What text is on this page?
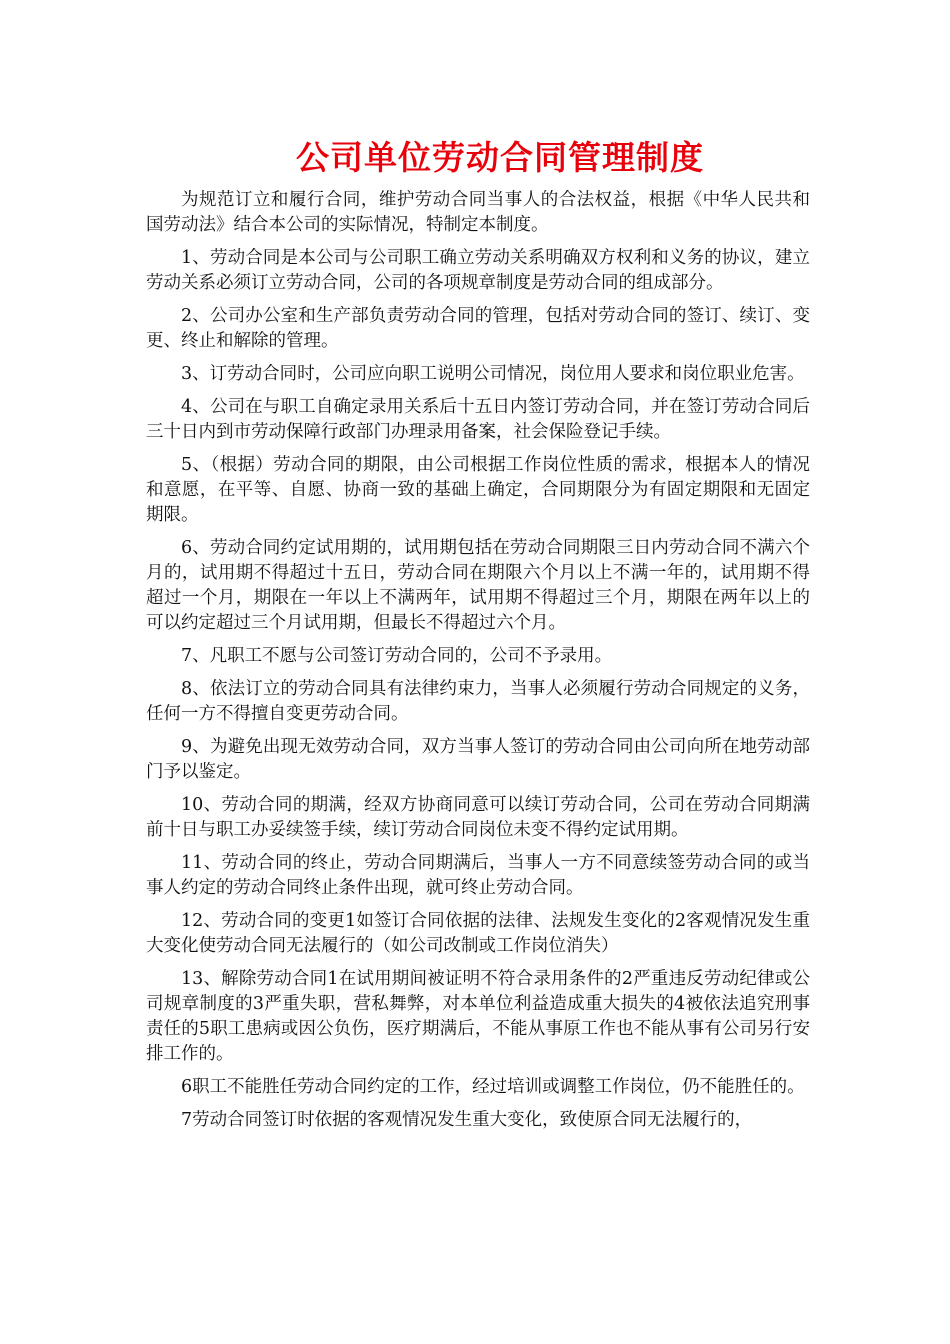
公司单位劳动合同管理制度

为规范订立和履行合同，维护劳动合同当事人的合法权益，根据《中华人民共和国劳动法》结合本公司的实际情况，特制定本制度。

1、劳动合同是本公司与公司职工确立劳动关系明确双方权利和义务的协议，建立劳动关系必须订立劳动合同，公司的各项规章制度是劳动合同的组成部分。

2、公司办公室和生产部负责劳动合同的管理，包括对劳动合同的签订、续订、变更、终止和解除的管理。

3、订劳动合同时，公司应向职工说明公司情况，岗位用人要求和岗位职业危害。

4、公司在与职工自确定录用关系后十五日内签订劳动合同，并在签订劳动合同后三十日内到市劳动保障行政部门办理录用备案，社会保险登记手续。

5、（根据）劳动合同的期限，由公司根据工作岗位性质的需求，根据本人的情况和意愿，在平等、自愿、协商一致的基础上确定，合同期限分为有固定期限和无固定期限。

6、劳动合同约定试用期的，试用期包括在劳动合同期限三日内劳动合同不满六个月的，试用期不得超过十五日，劳动合同在期限六个月以上不满一年的，试用期不得超过一个月，期限在一年以上不满两年，试用期不得超过三个月，期限在两年以上的可以约定超过三个月试用期，但最长不得超过六个月。

7、凡职工不愿与公司签订劳动合同的，公司不予录用。

8、依法订立的劳动合同具有法律约束力，当事人必须履行劳动合同规定的义务，任何一方不得擅自变更劳动合同。

9、为避免出现无效劳动合同，双方当事人签订的劳动合同由公司向所在地劳动部门予以鉴定。

10、劳动合同的期满，经双方协商同意可以续订劳动合同，公司在劳动合同期满前十日与职工办妥续签手续，续订劳动合同岗位未变不得约定试用期。

11、劳动合同的终止，劳动合同期满后，当事人一方不同意续签劳动合同的或当事人约定的劳动合同终止条件出现，就可终止劳动合同。

12、劳动合同的变更1如签订合同依据的法律、法规发生变化的2客观情况发生重大变化使劳动合同无法履行的（如公司改制或工作岗位消失）

13、解除劳动合同1在试用期间被证明不符合录用条件的2严重违反劳动纪律或公司规章制度的3严重失职，营私舞弊，对本单位利益造成重大损失的4被依法追究刑事责任的5职工患病或因公负伤，医疗期满后，不能从事原工作也不能从事有公司另行安排工作的。

6职工不能胜任劳动合同约定的工作，经过培训或调整工作岗位，仍不能胜任的。

7劳动合同签订时依据的客观情况发生重大变化，致使原合同无法履行的，
